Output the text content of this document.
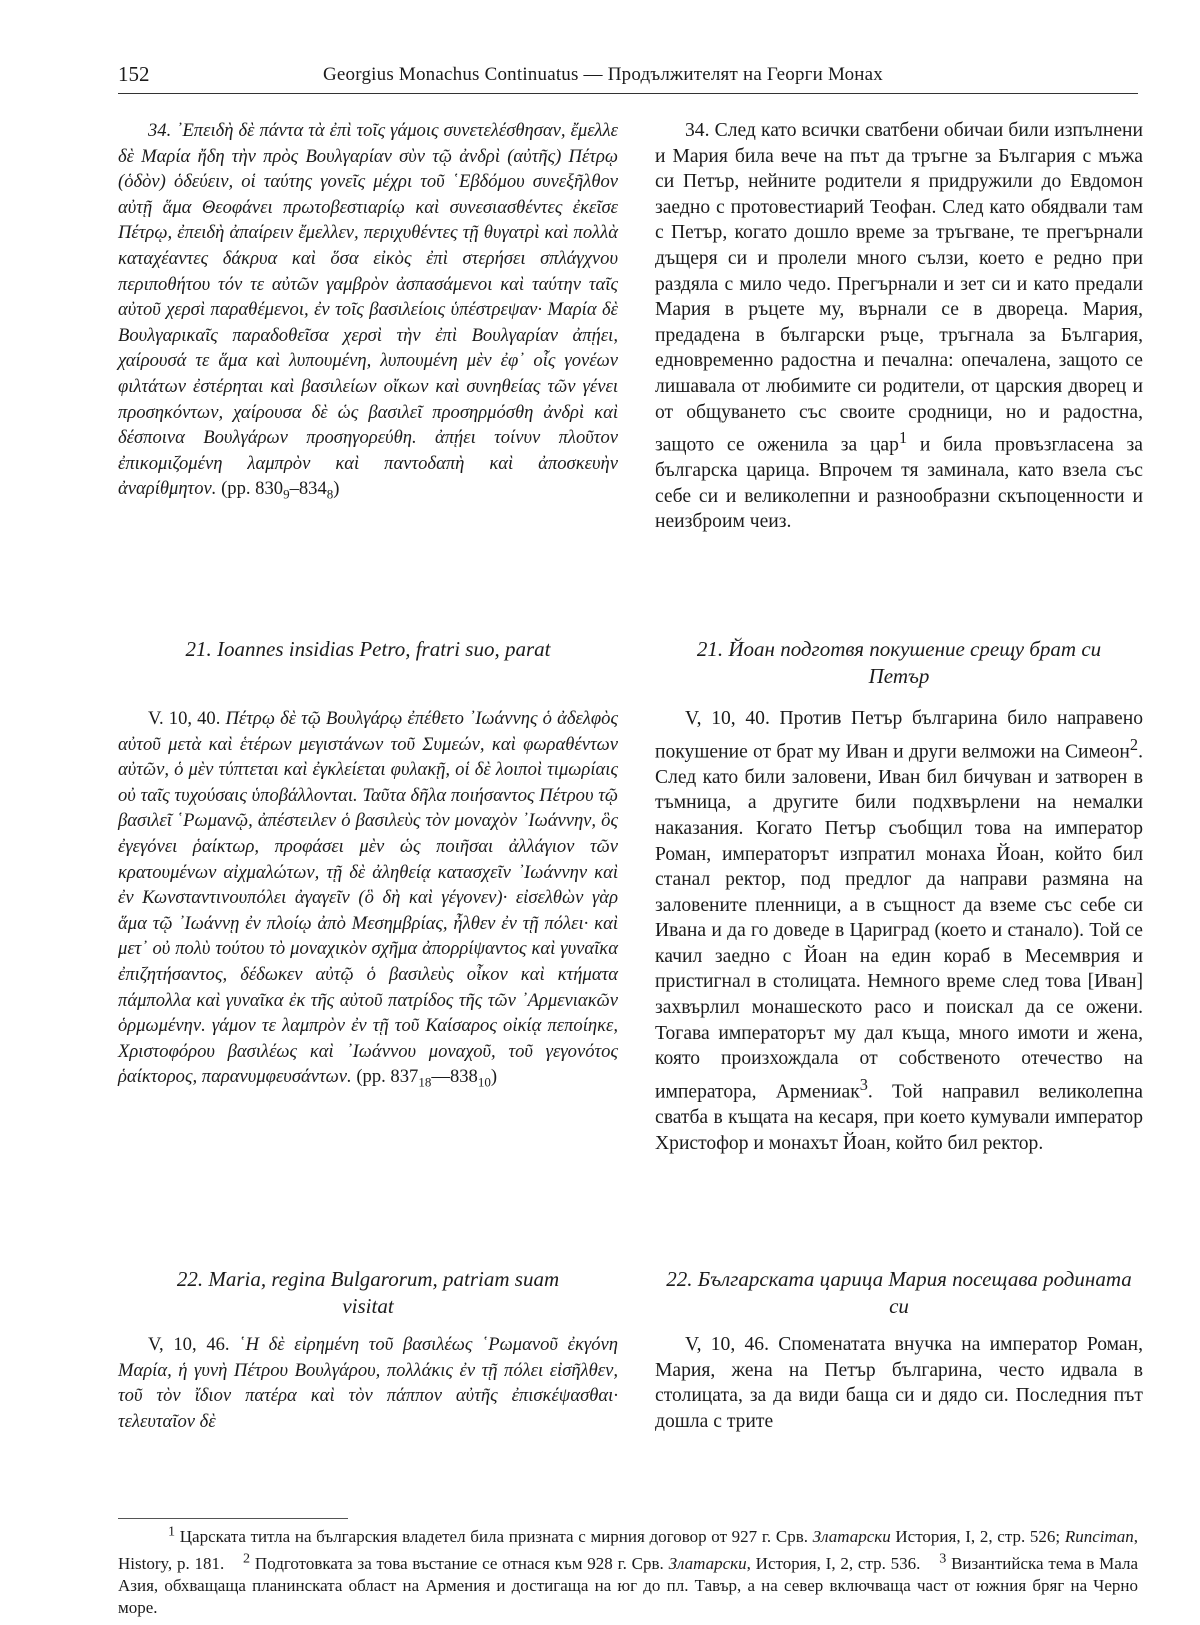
152	Georgius Monachus Continuatus — Продължителят на Георги Монах

34. ᾿Επειδὴ δὲ πάντα τὰ ἐπὶ τοῖς γάμοις συνετελέσθησαν, ἔμελλε δὲ Μαρία ἤδη τὴν πρὸς Βουλγαρίαν σὺν τῷ ἀνδρὶ (αὐτῆς) Πέτρῳ (ὁδὸν) ὁδεύειν, οἱ ταύτης γονεῖς μέχρι τοῦ ῾Εβδόμου συνεξῆλθον αὐτῇ ἅμα Θεοφάνει πρωτοβεστιαρίῳ καὶ συνεσιασθέντες ἐκεῖσε Πέτρῳ, ἐπειδὴ ἀπαίρειν ἔμελλεν, περιχυθέντες τῇ θυγατρὶ καὶ πολλὰ καταχέαντες δάκρυα καὶ ὅσα εἰκὸς ἐπὶ στερήσει σπλάγχνου περιποθήτου τόν τε αὐτῶν γαμβρὸν ἀσπασάμενοι καὶ ταύτην ταῖς αὐτοῦ χερσὶ παραθέμενοι, ἐν τοῖς βασιλείοις ὑπέστρεψαν· Μαρία δὲ Βουλγαρικαῖς παραδοθεῖσα χερσὶ τὴν ἐπὶ Βουλγαρίαν ἀπῄει, χαίρουσά τε ἅμα καὶ λυπουμένη, λυπουμένη μὲν ἐφ᾿ οἷς γονέων φιλτάτων ἐστέρηται καὶ βασιλείων οἴκων καὶ συνηθείας τῶν γένει προσηκόντων, χαίρουσα δὲ ὡς βασιλεῖ προσηρμόσθη ἀνδρὶ καὶ δέσποινα Βουλγάρων προσηγορεύθη. ἀπῄει τοίνυν πλοῦτον ἐπικομιζομένη λαμπρὸν καὶ παντοδαπὴ καὶ ἀποσκευὴν ἀναρίθμητον. (pp. $830_9-834_8$)

34. След като всички сватбени обичаи били изпълнени и Мария била вече на път да тръгне за България с мъжа си Петър, нейните родители я придружили до Евдомон заедно с протовестиарий Теофан. След като обядвали там с Петър, когато дошло време за тръгване, те прегърнали дъщеря си и пролели много сълзи, което е редно при раздяла с мило чедо. Прегърнали и зет си и като предали Мария в ръцете му, върнали се в двореца. Мария, предадена в български ръце, тръгнала за България, едновременно радостна и печална: опечалена, защото се лишавала от любимите си родители, от царския дворец и от общуването със своите сродници, но и радостна, защото се оженила за цар$^1$ и била провъзгласена за българска царица. Впрочем тя заминала, като взела със себе си и великолепни и разнообразни скъпоценности и неизброим чеиз.

21. Ioannes insidias Petro, fratri suo, parat	21. Йоан подготвя покушение срещу брат си Петър

V. 10, 40. Πέτρῳ δὲ τῷ Βουλγάρῳ ἐπέθετο ᾿Ιωάννης ὁ ἀδελφὸς αὐτοῦ μετὰ καὶ ἑτέρων μεγιστάνων τοῦ Συμεών, καὶ φωραθέντων αὐτῶν, ὁ μὲν τύπτεται καὶ ἐγκλείεται φυλακῇ, οἱ δὲ λοιποὶ τιμωρίαις οὐ ταῖς τυχούσαις ὑποβάλλονται. Ταῦτα δῆλα ποιήσαντος Πέτρου τῷ βασιλεῖ ῾Ρωμανῷ, ἀπέστειλεν ὁ βασιλεὺς τὸν μοναχὸν ᾿Ιωάννην, ὃς ἐγεγόνει ῥαίκτωρ, προφάσει μὲν ὡς ποιῆσαι ἀλλάγιον τῶν κρατουμένων αἰχμαλώτων, τῇ δὲ ἀληθείᾳ κατασχεῖν ᾿Ιωάννην καὶ ἐν Κωνσταντινουπόλει ἀγαγεῖν (ὃ δὴ καὶ γέγονεν)· εἰσελθὼν γὰρ ἅμα τῷ ᾿Ιωάννῃ ἐν πλοίῳ ἀπὸ Μεσημβρίας, ἦλθεν ἐν τῇ πόλει· καὶ μετ᾿ οὐ πολὺ τούτου τὸ μοναχικὸν σχῆμα ἀπορρίψαντος καὶ γυναῖκα ἐπιζητήσαντος, δέδωκεν αὐτῷ ὁ βασιλεὺς οἶκον καὶ κτήματα πάμπολλα καὶ γυναῖκα ἐκ τῆς αὐτοῦ πατρίδος τῆς τῶν ᾿Αρμενιακῶν ὁρμωμένην. γάμον τε λαμπρὸν ἐν τῇ τοῦ Καίσαρος οἰκίᾳ πεποίηκε, Χριστοφόρου βασιλέως καὶ ᾿Ιωάννου μοναχοῦ, τοῦ γεγονότος ῥαίκτορος, παρανυμφευσάντων. (pp. $837_{18}—838_{10}$)

V, 10, 40. Против Петър българина било направено покушение от брат му Иван и други велможи на Симеон$^2$. След като били заловени, Иван бил бичуван и затворен в тъмница, а другите били подхвърлени на немалки наказания. Когато Петър съобщил това на император Роман, императорът изпратил монаха Йоан, който бил станал ректор, под предлог да направи размяна на заловените пленници, а в същност да вземе със себе си Ивана и да го доведе в Цариград (което и станало). Той се качил заедно с Йоан на един кораб в Месемврия и пристигнал в столицата. Немного време след това [Иван] захвърлил монашеското расо и поискал да се ожени. Тогава императорът му дал къща, много имоти и жена, която произхождала от собственото отечество на императора, Армениак$^3$. Той направил великолепна сватба в къщата на кесаря, при което кумували император Христофор и монахът Йоан, който бил ректор.

22. Maria, regina Bulgarorum, patriam suam visitat
22. Българската царица Мария посещава родината си

V, 10, 46. ῾Η δὲ εἰρημένη τοῦ βασιλέως ῾Ρωμανοῦ ἐκγόνη Μαρία, ἡ γυνὴ Πέτρου Βουλγάρου, πολλάκις ἐν τῇ πόλει εἰσῆλθεν, τοῦ τὸν ἴδιον πατέρα καὶ τὸν πάππον αὐτῆς ἐπισκέψασθαι· τελευταῖον δὲ

V, 10, 46. Споменатата внучка на император Роман, Мария, жена на Петър българина, често идвала в столицата, за да види баща си и дядо си. Последния път дошла с трите

$^1$ Царската титла на българския владетел била призната с мирния договор от 927 г. Срв. Златарски История, I, 2, стр. 526; Runciman, History, p. 181. $^2$ Подготовката за това въстание се отнася към 928 г. Срв. Златарски, История, I, 2, стр. 536. $^3$ Византийска тема в Мала Азия, обхващаща планинската област на Армения и достигаща на юг до пл. Тавър, а на север включваща част от южния бряг на Черно море.
